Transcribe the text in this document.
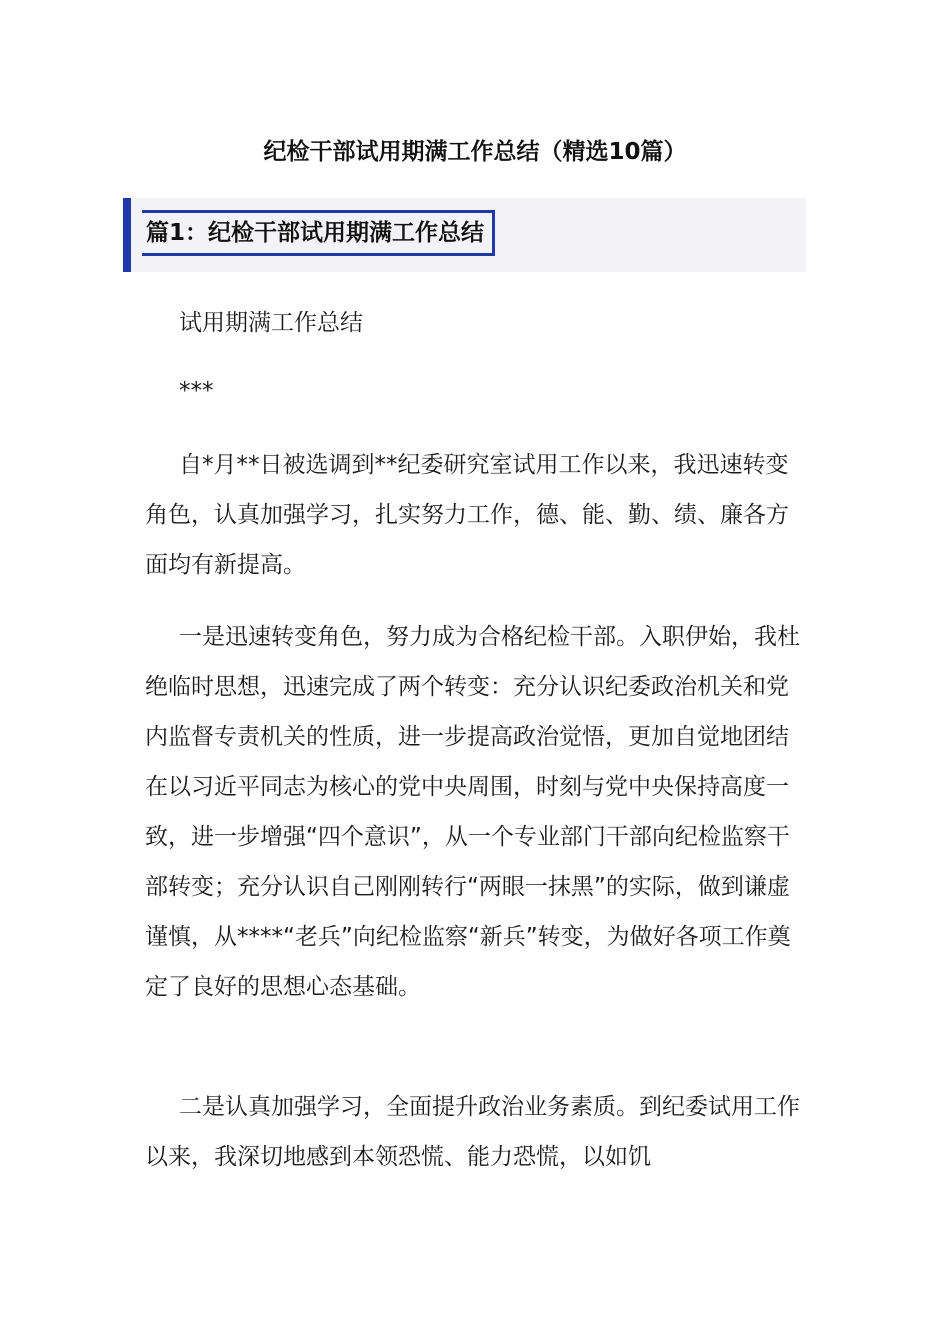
纪检干部试用期满工作总结（精选10篇）
篇1：纪检干部试用期满工作总结

试用期满工作总结

***

自*月**日被选调到**纪委研究室试用工作以来，我迅速转变角色，认真加强学习，扎实努力工作，德、能、勤、绩、廉各方面均有新提高。

一是迅速转变角色，努力成为合格纪检干部。入职伊始，我杜绝临时思想，迅速完成了两个转变：充分认识纪委政治机关和党内监督专责机关的性质，进一步提高政治觉悟，更加自觉地团结在以习近平同志为核心的党中央周围，时刻与党中央保持高度一致，进一步增强“四个意识”，从一个专业部门干部向纪检监察干部转变；充分认识自己刚刚转行“两眼一抹黑”的实际，做到谦虚谨慎，从****“老兵”向纪检监察“新兵”转变，为做好各项工作奠定了良好的思想心态基础。

二是认真加强学习，全面提升政治业务素质。到纪委试用工作以来，我深切地感到本领恐慌、能力恐慌，以如饥
